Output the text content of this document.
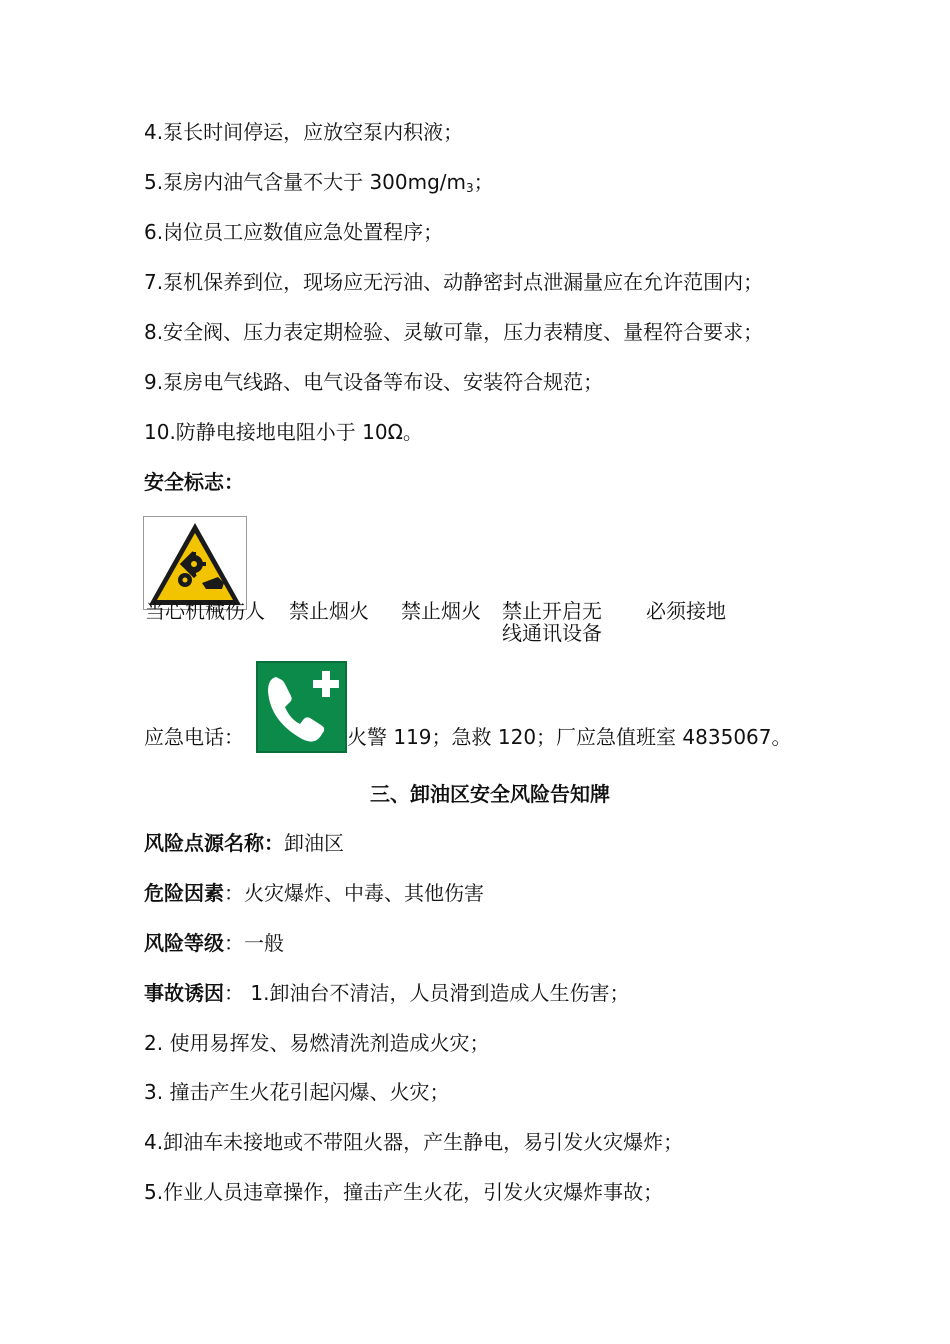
4.泵长时间停运，应放空泵内积液；
5.泵房内油气含量不大于 $300mg/m_3$；
6.岗位员工应数值应急处置程序；
7.泵机保养到位，现场应无污油、动静密封点泄漏量应在允许范围内；
8.安全阀、压力表定期检验、灵敏可靠，压力表精度、量程符合要求；
9.泵房电气线路、电气设备等布设、安装符合规范；
10.防静电接地电阻小于 10Ω。
安全标志：
当心机械伤人 禁止烟火 禁止烟火 禁止开启无线通讯设备
必须接地
应急电话：	火警 119；急救 120；厂应急值班室 4835067。
三、卸油区安全风险告知牌
风险点源名称：卸油区
危险因素：火灾爆炸、中毒、其他伤害
风险等级：一般
事故诱因： 1.卸油台不清洁，人员滑到造成人生伤害；
2. 使用易挥发、易燃清洗剂造成火灾；
3. 撞击产生火花引起闪爆、火灾；
4.卸油车未接地或不带阻火器，产生静电，易引发火灾爆炸；
5.作业人员违章操作，撞击产生火花，引发火灾爆炸事故；
